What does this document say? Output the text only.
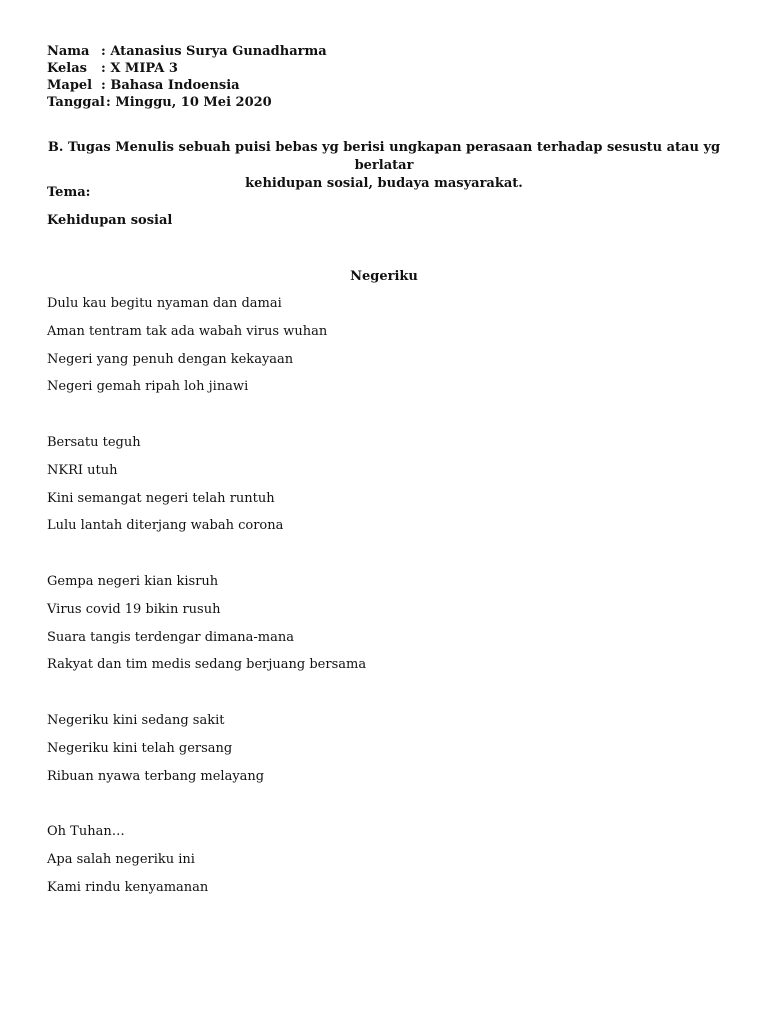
Nama : Atanasius Surya Gunadharma
Kelas	: X MIPA 3
Mapel : Bahasa Indoensia
Tanggal : Minggu, 10 Mei 2020
B. Tugas Menulis sebuah puisi bebas yg berisi ungkapan perasaan terhadap sesustu atau yg berlatar
kehidupan sosial, budaya masyarakat.
Tema:
Kehidupan sosial
Negeriku
Dulu kau begitu nyaman dan damai
Aman tentram tak ada wabah virus wuhan
Negeri yang penuh dengan kekayaan
Negeri gemah ripah loh jinawi
Bersatu teguh
NKRI utuh
Kini semangat negeri telah runtuh
Lulu lantah diterjang wabah corona
Gempa negeri kian kisruh
Virus covid 19 bikin rusuh
Suara tangis terdengar dimana-mana
Rakyat dan tim medis sedang berjuang bersama
Negeriku kini sedang sakit
Negeriku kini telah gersang
Ribuan nyawa terbang melayang
Oh Tuhan…
Apa salah negeriku ini
Kami rindu kenyamanan
